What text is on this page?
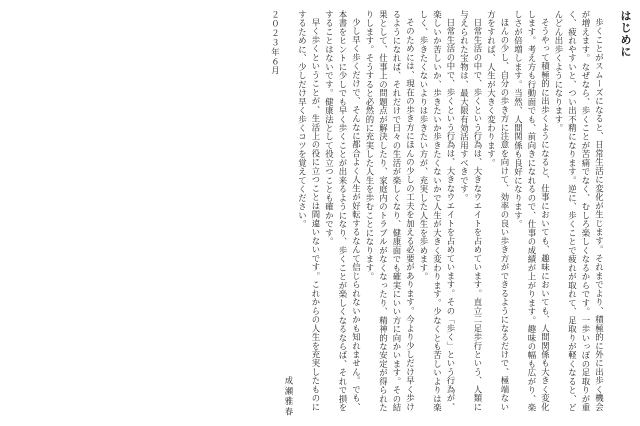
はじめに

歩くことがスムーズになると、日常生活に変化が生じます。それまでより、積極的に外に出歩く機会が増えます。なぜなら、歩くことが苦痛でなく、むしろ楽しくなるからです。一歩いっぽの足取りが重く、疲れやすいと、つい出不精になります。逆に、歩くことで疲れが取れて、足取りが軽くなると、どんどん出歩くようになります。

そうやって積極的に出歩くようになると、仕事においても、趣味においても、人間関係も大きく変化します。考え方も行動面でも、前向きになれるので、仕事の成績が上がります。趣味の幅も広がり、楽しさが倍増します。当然、人間関係も良好になります。

ほんの少し、自分の歩き方に注意を向けて、効率の良い歩き方ができるようになるだけで、極端ない方をすれば、人生が大きく変わります。

日常生活の中で、歩くという行為は、大きなウエイトを占めています。直立二足歩行という、人類に与えられた宝物は、最大限有効活用すべきです。

日常生活の中で、歩くという行為は、大きなウエイトを占めています。その「歩く」という行為が、楽しいか苦しいか、歩きたいか歩きたくないかで人生が大きく変わります。少なくとも苦しいよりは楽しく、歩きたくないよりは歩きたい方が、充実した人生を歩めます。

そのためには、現在の歩き方にほんの少しの工夫を加える必要があります。今より少しだけ早く歩けるようになれば、それだけで日々の生活が楽しくなり、健康面でも確実にいい方に向かいます。その結果として、仕事上の問題点が解決したり、家庭内のトラブルがなくなったり、精神的な安定が得られたりします。そうすると必然的に充実した人生を歩むことになります。

少し早く歩くだけで、そんなに都合よく人生が好転するなんて信じられないかも知れません。でも、本書をヒントに少しでも早く歩くことが出来るようになり、歩くことが楽しくなるならば、それで損をすることはないです。健康法として役立つことも確かです。

早く歩くということが、生活上の役に立つことは間違いないです。これからの人生を充実したものにするために、少しだけ早く歩くコツを覚えてください。

成瀬雅春
２０２３年６月
